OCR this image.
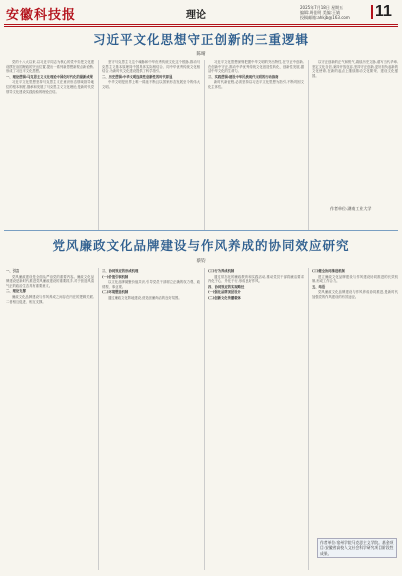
安徽科技报	理论
2025年7月18日 星期五
编辑:周佳明 美编:王婧
投稿邮箱:ahkjb@163.com 11
习近平文化思想守正创新的三重逻辑
陈晴

党的十八大以来,以习近平同志为核心的党中央把文化建设摆在治国理政的突出位置,提出一系列新思想新观点新论断,形成了习近平文化思想。

一、理论逻辑:马克思主义文化理论中国化时代化的最新成果

习近平文化思想坚持马克思主义在意识形态领域指导地位的根本制度,继承和发展了马克思主义文化理论,是新时代党领导文化建设实践经验的理论总结。

坚守马克思主义这个魂脉和中华优秀传统文化这个根脉,推动马克思主义基本原理同中国具体实际相结合、同中华优秀传统文化相结合,为新时代文化建设提供了科学指引。

二、历史逻辑:中华文明连续性创新性的时代彰显

中华文明是世界上唯一绵延不断且以国家形态发展至今的伟大文明。

习近平文化思想深刻把握中华文明的突出特性,在守正中创新,在创新中守正,推动中华优秀传统文化创造性转化、创新性发展,激活中华文化的生命力。

三、实践逻辑:建设中华民族现代文明的行动指南

新时代新征程,必须坚持以习近平文化思想为指引,不断巩固文化主体性。

以守正创新的正气和锐气,赓续历史文脉,谱写当代华章,坚定文化自信,秉持开放包容,坚持守正创新,更好担负起新的文化使命,在新的起点上继续推动文化繁荣、建设文化强国。

作者单位:湖南工业大学
党风廉政文化品牌建设与作风养成的协同效应研究
蔡钧

一、引言

党风廉政建设是全面从严治党的重要内容。廉政文化品牌建设是新时代推进党风廉政建设的重要抓手,对于营造风清气正的政治生态具有重要意义。

二、理论支撑

廉政文化品牌建设与作风养成之间存在内在的逻辑关联,二者相互促进、相互支撑。

三、协同效应的形成机理

(一)价值引领机制

以文化品牌凝聚价值共识,引导党员干部树立正确的权力观、政绩观、事业观。

(二)环境塑造机制

通过廉政文化阵地建设,营造崇廉尚洁的良好氛围。

(三)行为养成机制

通过常态化的廉政教育和实践活动,推动党员干部将廉洁要求内化于心、外化于行,形成良好作风。

四、协同效应的实现路径

(一)强化品牌顶层设计

(二)创新文化传播载体

(三)健全协同推进机制

建立廉政文化品牌建设与作风建设协同推进的长效机制,形成工作合力。

五、结语

党风廉政文化品牌建设与作风养成协同推进,是新时代加强党的作风建设的有效途径。

作者单位:宿州学院马克思主义学院。基金项目:安徽省高校人文社会科学研究项目阶段性成果。
